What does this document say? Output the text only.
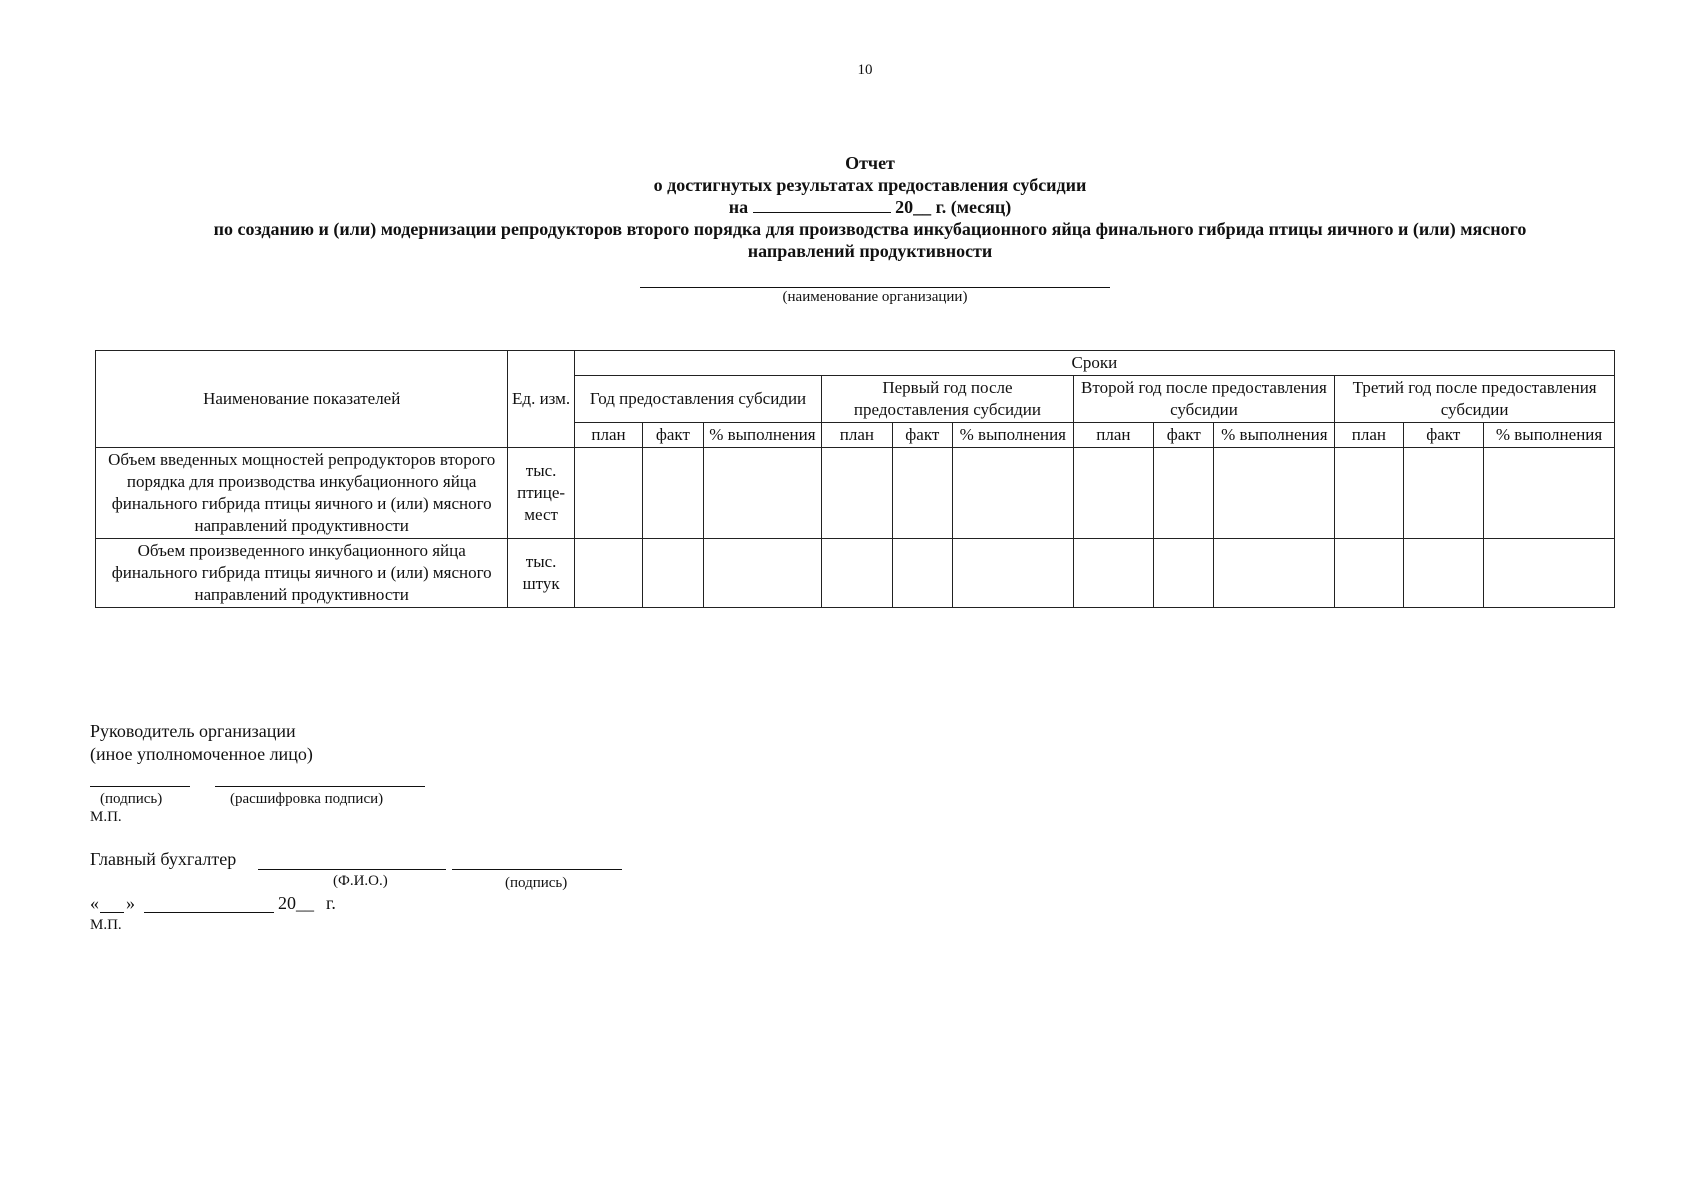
10
Отчет
о достигнутых результатах предоставления субсидии
на	20__ г. (месяц)
по созданию и (или) модернизации репродукторов второго порядка для производства инкубационного яйца финального гибрида птицы яичного и (или) мясного
направлений продуктивности
(наименование организации)
Наименование показателей	Ед. изм.	Сроки											
		Год предоставления субсидии			Первый год после предоставления субсидии			Второй год после предоставления субсидии			Третий год после предоставления субсидии		
		план	факт	% выполнения	план	факт	% выполнения	план	факт	% выполнения	план	факт	% выполнения
Объем введенных мощностей репродукторов второго порядка для производства инкубационного яйца финального гибрида птицы яичного и (или) мясного направлений продуктивности	тыс. птице-мест												
Объем произведенного инкубационного яйца финального гибрида птицы яичного и (или) мясного направлений продуктивности	тыс. штук												
Руководитель организации
(иное уполномоченное лицо)
(подпись)	(расшифровка подписи)
М.П.
Главный бухгалтер
(Ф.И.О.)	(подпись)
« »	20__ г.
М.П.
